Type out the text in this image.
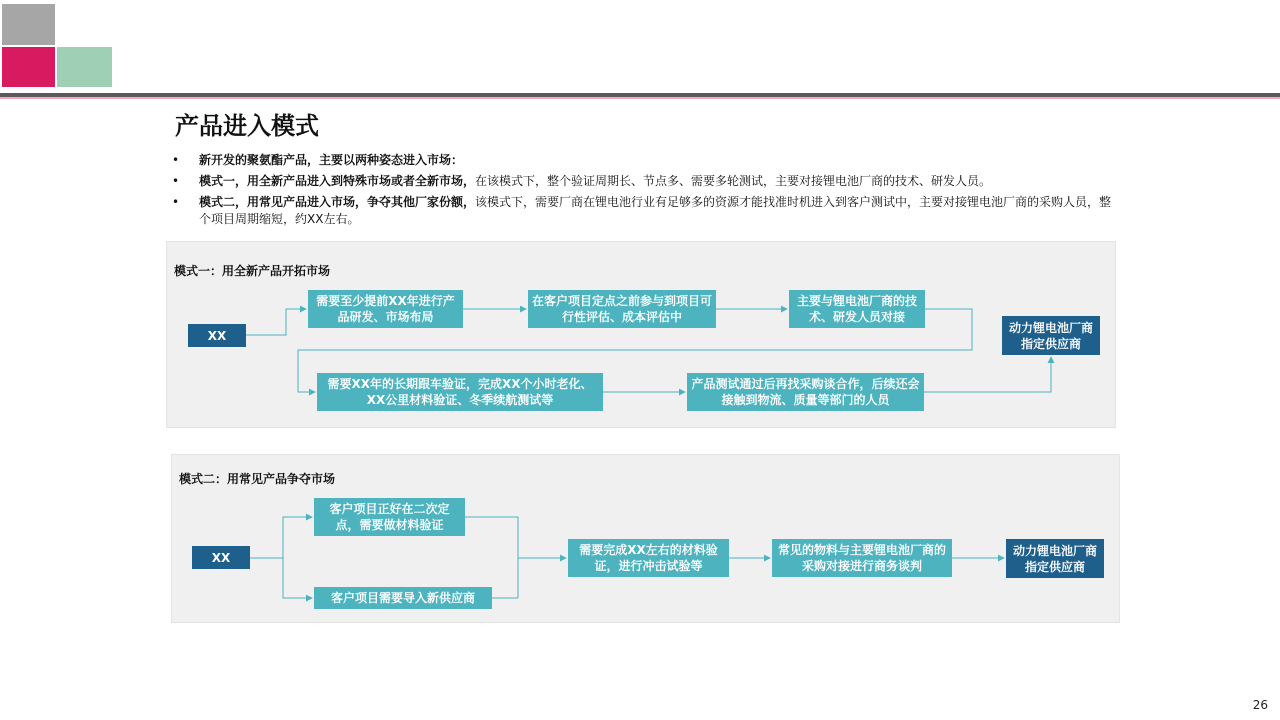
产品进入模式
• 新开发的聚氨酯产品，主要以两种姿态进入市场：
• 模式一，用全新产品进入到特殊市场或者全新市场，在该模式下，整个验证周期长、节点多、需要多轮测试，主要对接锂电池厂商的技术、研发人员。
• 模式二，用常见产品进入市场，争夺其他厂家份额，该模式下，需要厂商在锂电池行业有足够多的资源才能找准时机进入到客户测试中，主要对接锂电池厂商的采购人员，整个项目周期缩短，约XX左右。
模式一：用全新产品开拓市场
模式二：用常见产品争夺市场
XX
需要至少提前XX年进行产品研发、市场布局
在客户项目定点之前参与到项目可行性评估、成本评估中
主要与锂电池厂商的技术、研发人员对接
动力锂电池厂商指定供应商
需要XX年的长期跟车验证，完成XX个小时老化、XX公里材料验证、冬季续航测试等
产品测试通过后再找采购谈合作，后续还会接触到物流、质量等部门的人员
XX
客户项目正好在二次定点，需要做材料验证
客户项目需要导入新供应商
需要完成XX左右的材料验证，进行冲击试验等
常见的物料与主要锂电池厂商的采购对接进行商务谈判
动力锂电池厂商指定供应商
26
